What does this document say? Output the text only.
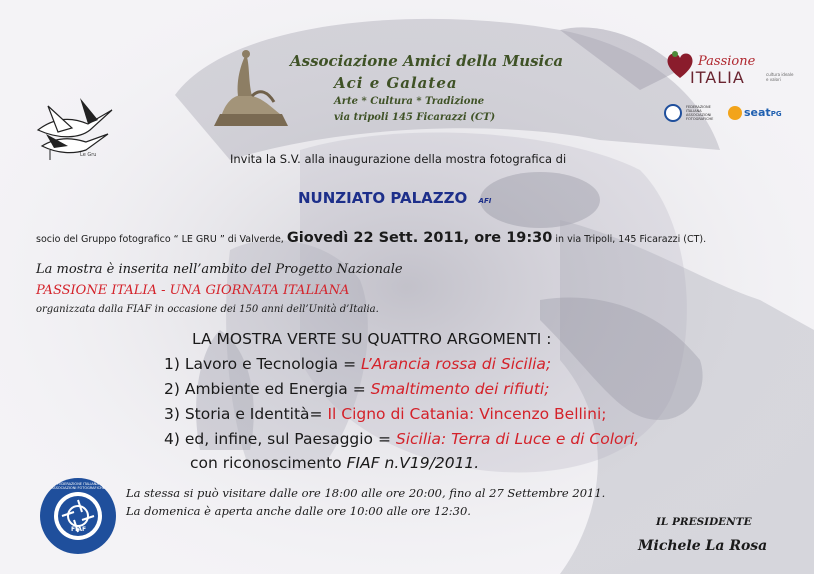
Le Gru
Associazione Amici della Musica
Aci e Galatea
Arte * Cultura * Tradizione
via tripoli 145 Ficarazzi (CT)
Passione
ITALIA	cultura ideale e valori
FEDERAZIONE ITALIANA ASSOCIAZIONI FOTOGRAFICHE	seatPG
Invita la S.V. alla inaugurazione della mostra fotografica di
NUNZIATO PALAZZO AFI
socio del Gruppo fotografico “ LE GRU ” di Valverde, Giovedì 22 Sett. 2011, ore 19:30 in via Tripoli, 145 Ficarazzi (CT).
La mostra è inserita nell’ambito del Progetto Nazionale
PASSIONE ITALIA - UNA GIORNATA ITALIANA
organizzata dalla FIAF in occasione dei 150 anni dell’Unità d’Italia.
LA MOSTRA VERTE SU QUATTRO ARGOMENTI :
1) Lavoro e Tecnologia = L’Arancia rossa di Sicilia;
2) Ambiente ed Energia = Smaltimento dei rifiuti;
3) Storia e Identità= Il Cigno di Catania: Vincenzo Bellini;
4) ed, infine, sul Paesaggio = Sicilia: Terra di Luce e di Colori,
con riconoscimento FIAF n.V19/2011.
FEDERAZIONE ITALIANA ASSOCIAZIONI FOTOGRAFICHE
FIAF
La stessa si può visitare dalle ore 18:00 alle ore 20:00, fino al 27 Settembre 2011.
La domenica è aperta anche dalle ore 10:00 alle ore 12:30.
IL PRESIDENTE
Michele La Rosa
